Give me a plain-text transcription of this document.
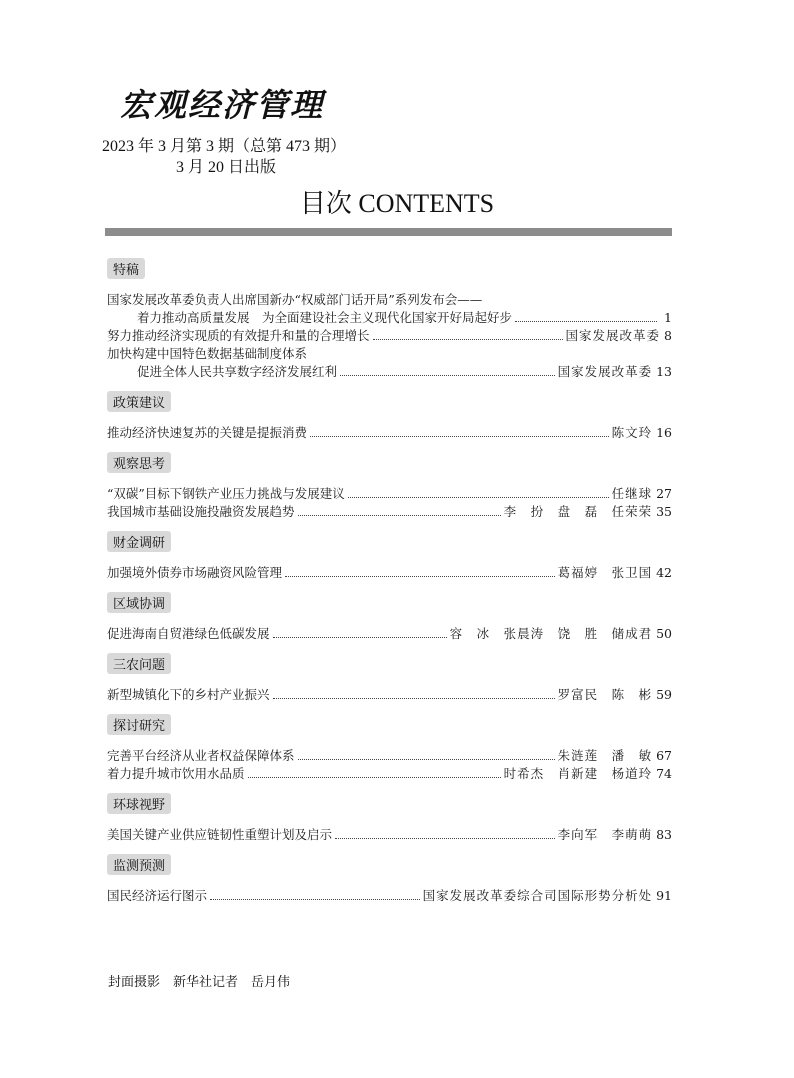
宏观经济管理
2023 年 3 月第 3 期（总第 473 期）
3 月 20 日出版
目次 CONTENTS
特稿
国家发展改革委负责人出席国新办“权威部门话开局”系列发布会——
着力推动高质量发展　为全面建设社会主义现代化国家开好局起好步	1
努力推动经济实现质的有效提升和量的合理增长	国家发展改革委 8
加快构建中国特色数据基础制度体系
促进全体人民共享数字经济发展红利	国家发展改革委 13
政策建议
推动经济快速复苏的关键是提振消费	陈文玲 16
观察思考
“双碳”目标下钢铁产业压力挑战与发展建议	任继球 27
我国城市基础设施投融资发展趋势	李　扮　盘　磊　任荣荣 35
财金调研
加强境外债券市场融资风险管理	葛福婷　张卫国 42
区域协调
促进海南自贸港绿色低碳发展	容　冰　张晨涛　饶　胜　储成君 50
三农问题
新型城镇化下的乡村产业振兴	罗富民　陈　彬 59
探讨研究
完善平台经济从业者权益保障体系	朱涟莲　潘　敏 67
着力提升城市饮用水品质	时希杰　肖新建　杨道玲 74
环球视野
美国关键产业供应链韧性重塑计划及启示	李向军　李萌萌 83
监测预测
国民经济运行图示	国家发展改革委综合司国际形势分析处 91
封面摄影　新华社记者　岳月伟
